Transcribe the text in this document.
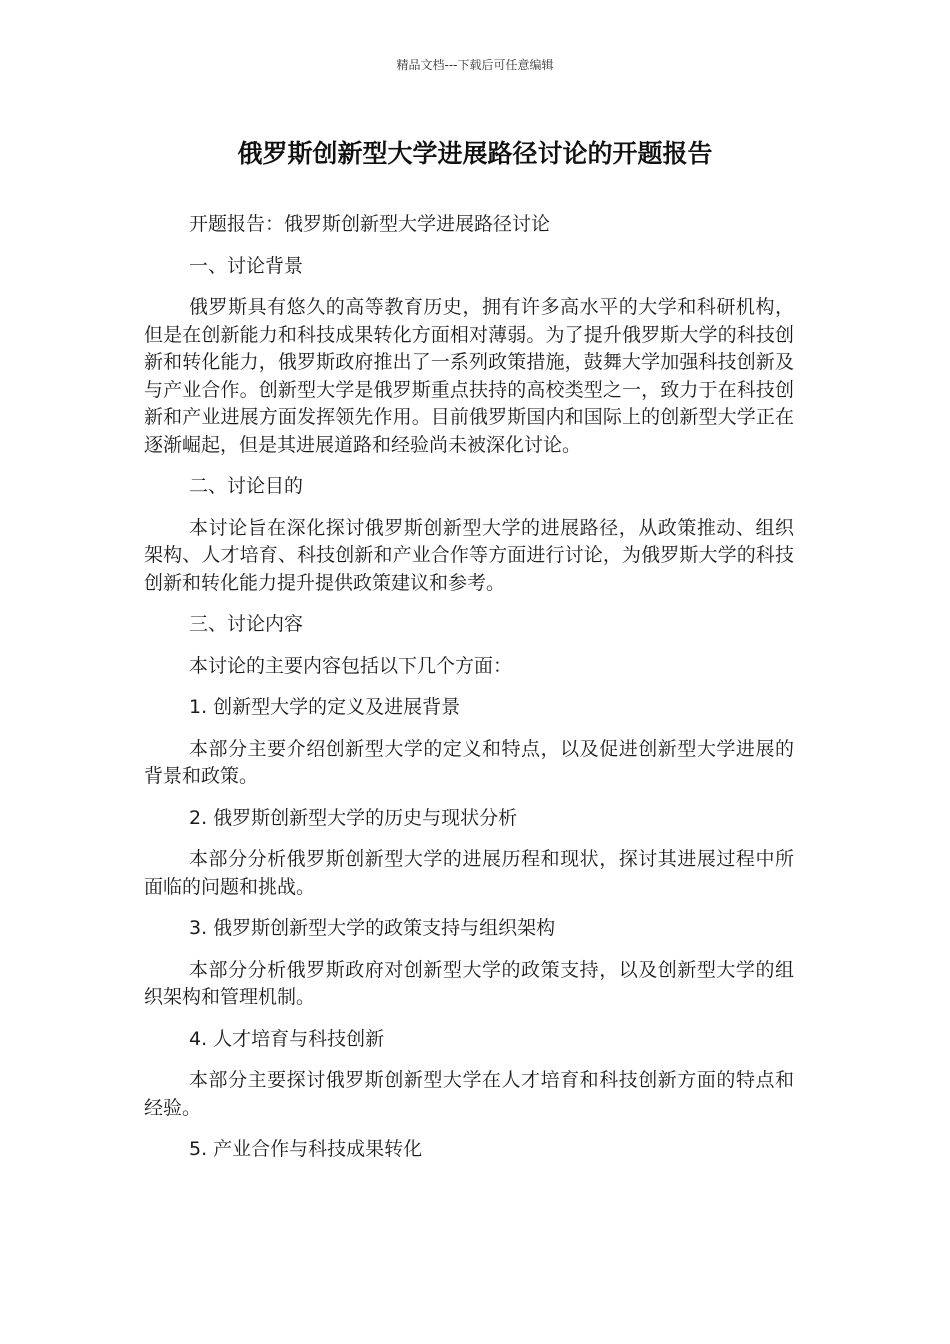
精品文档---下载后可任意编辑
俄罗斯创新型大学进展路径讨论的开题报告

开题报告：俄罗斯创新型大学进展路径讨论

一、讨论背景

俄罗斯具有悠久的高等教育历史，拥有许多高水平的大学和科研机构，但是在创新能力和科技成果转化方面相对薄弱。为了提升俄罗斯大学的科技创新和转化能力，俄罗斯政府推出了一系列政策措施，鼓舞大学加强科技创新及与产业合作。创新型大学是俄罗斯重点扶持的高校类型之一，致力于在科技创新和产业进展方面发挥领先作用。目前俄罗斯国内和国际上的创新型大学正在逐渐崛起，但是其进展道路和经验尚未被深化讨论。

二、讨论目的

本讨论旨在深化探讨俄罗斯创新型大学的进展路径，从政策推动、组织架构、人才培育、科技创新和产业合作等方面进行讨论，为俄罗斯大学的科技创新和转化能力提升提供政策建议和参考。

三、讨论内容

本讨论的主要内容包括以下几个方面：

1. 创新型大学的定义及进展背景

本部分主要介绍创新型大学的定义和特点，以及促进创新型大学进展的背景和政策。

2. 俄罗斯创新型大学的历史与现状分析

本部分分析俄罗斯创新型大学的进展历程和现状，探讨其进展过程中所面临的问题和挑战。

3. 俄罗斯创新型大学的政策支持与组织架构

本部分分析俄罗斯政府对创新型大学的政策支持，以及创新型大学的组织架构和管理机制。

4. 人才培育与科技创新

本部分主要探讨俄罗斯创新型大学在人才培育和科技创新方面的特点和经验。

5. 产业合作与科技成果转化
